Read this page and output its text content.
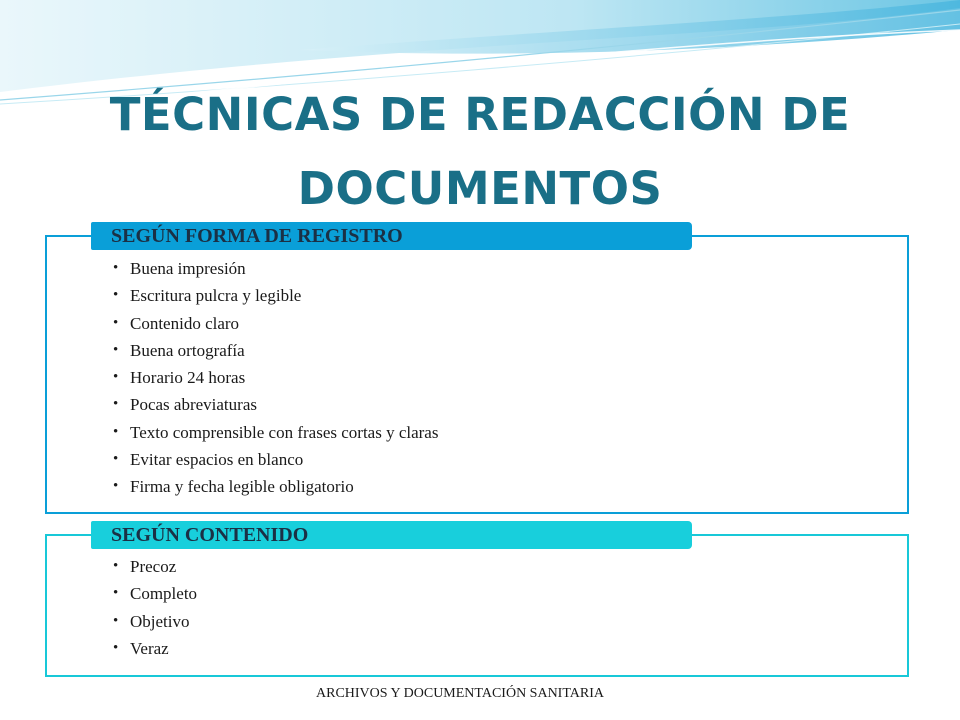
TÉCNICAS DE REDACCIÓN DE
DOCUMENTOS
SEGÚN FORMA DE REGISTRO
• Buena impresión
• Escritura pulcra y legible
• Contenido claro
• Buena ortografía
• Horario 24 horas
• Pocas abreviaturas
• Texto comprensible con frases cortas y claras
• Evitar espacios en blanco
• Firma y fecha legible obligatorio
SEGÚN CONTENIDO
• Precoz
• Completo
• Objetivo
• Veraz
ARCHIVOS Y DOCUMENTACIÓN SANITARIA
